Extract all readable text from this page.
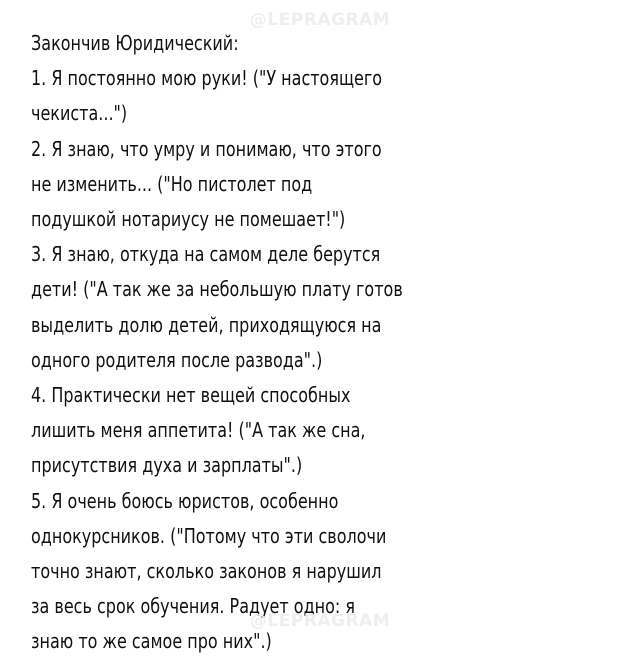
@LEPRAGRAM
Закончив Юридический:
1. Я постоянно мою руки! ("У настоящего
чекиста...")
2. Я знаю, что умру и понимаю, что этого
не изменить... ("Но пистолет под
подушкой нотариусу не помешает!")
3. Я знаю, откуда на самом деле берутся
дети! ("А так же за небольшую плату готов
выделить долю детей, приходящуюся на
одного родителя после развода".)
4. Практически нет вещей способных
лишить меня аппетита! ("А так же сна,
присутствия духа и зарплаты".)
5. Я очень боюсь юристов, особенно
однокурсников. ("Потому что эти сволочи
точно знают, сколько законов я нарушил
за весь срок обучения. Радует одно: я
знаю то же самое про них".)
@LEPRAGRAM
